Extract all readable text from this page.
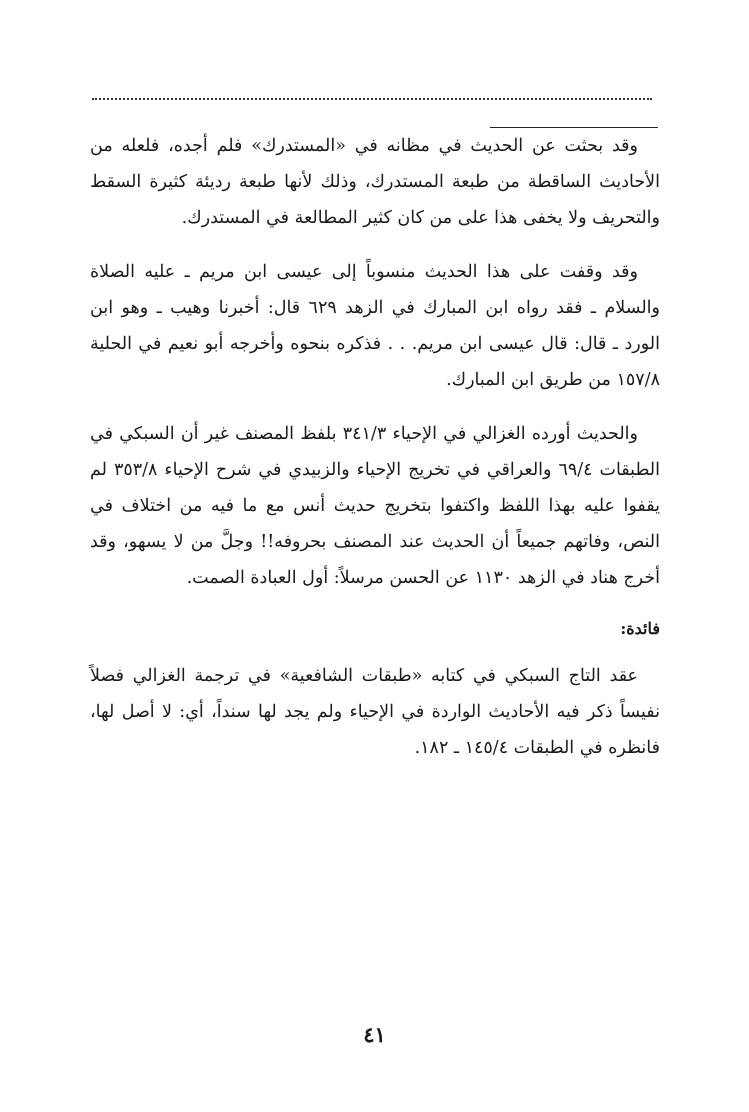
وقد بحثت عن الحديث في مظانه في «المستدرك» فلم أجده، فلعله من الأحاديث الساقطة من طبعة المستدرك، وذلك لأنها طبعة رديئة كثيرة السقط والتحريف ولا يخفى هذا على من كان كثير المطالعة في المستدرك.

وقد وقفت على هذا الحديث منسوباً إلى عيسى ابن مريم ـ عليه الصلاة والسلام ـ فقد رواه ابن المبارك في الزهد ٦٢٩ قال: أخبرنا وهيب ـ وهو ابن الورد ـ قال: قال عيسى ابن مريم. . . فذكره بنحوه وأخرجه أبو نعيم في الحلية ١٥٧/٨ من طريق ابن المبارك.

والحديث أورده الغزالي في الإحياء ٣٤١/٣ بلفظ المصنف غير أن السبكي في الطبقات ٦٩/٤ والعراقي في تخريج الإحياء والزبيدي في شرح الإحياء ٣٥٣/٨ لم يقفوا عليه بهذا اللفظ واكتفوا بتخريج حديث أنس مع ما فيه من اختلاف في النص، وفاتهم جميعاً أن الحديث عند المصنف بحروفه!! وجلَّ من لا يسهو، وقد أخرج هناد في الزهد ١١٣٠ عن الحسن مرسلاً: أول العبادة الصمت.

فائدة:

عقد التاج السبكي في كتابه «طبقات الشافعية» في ترجمة الغزالي فصلاً نفيساً ذكر فيه الأحاديث الواردة في الإحياء ولم يجد لها سنداً، أي: لا أصل لها، فانظره في الطبقات ١٤٥/٤ ـ ١٨٢.

٤١
